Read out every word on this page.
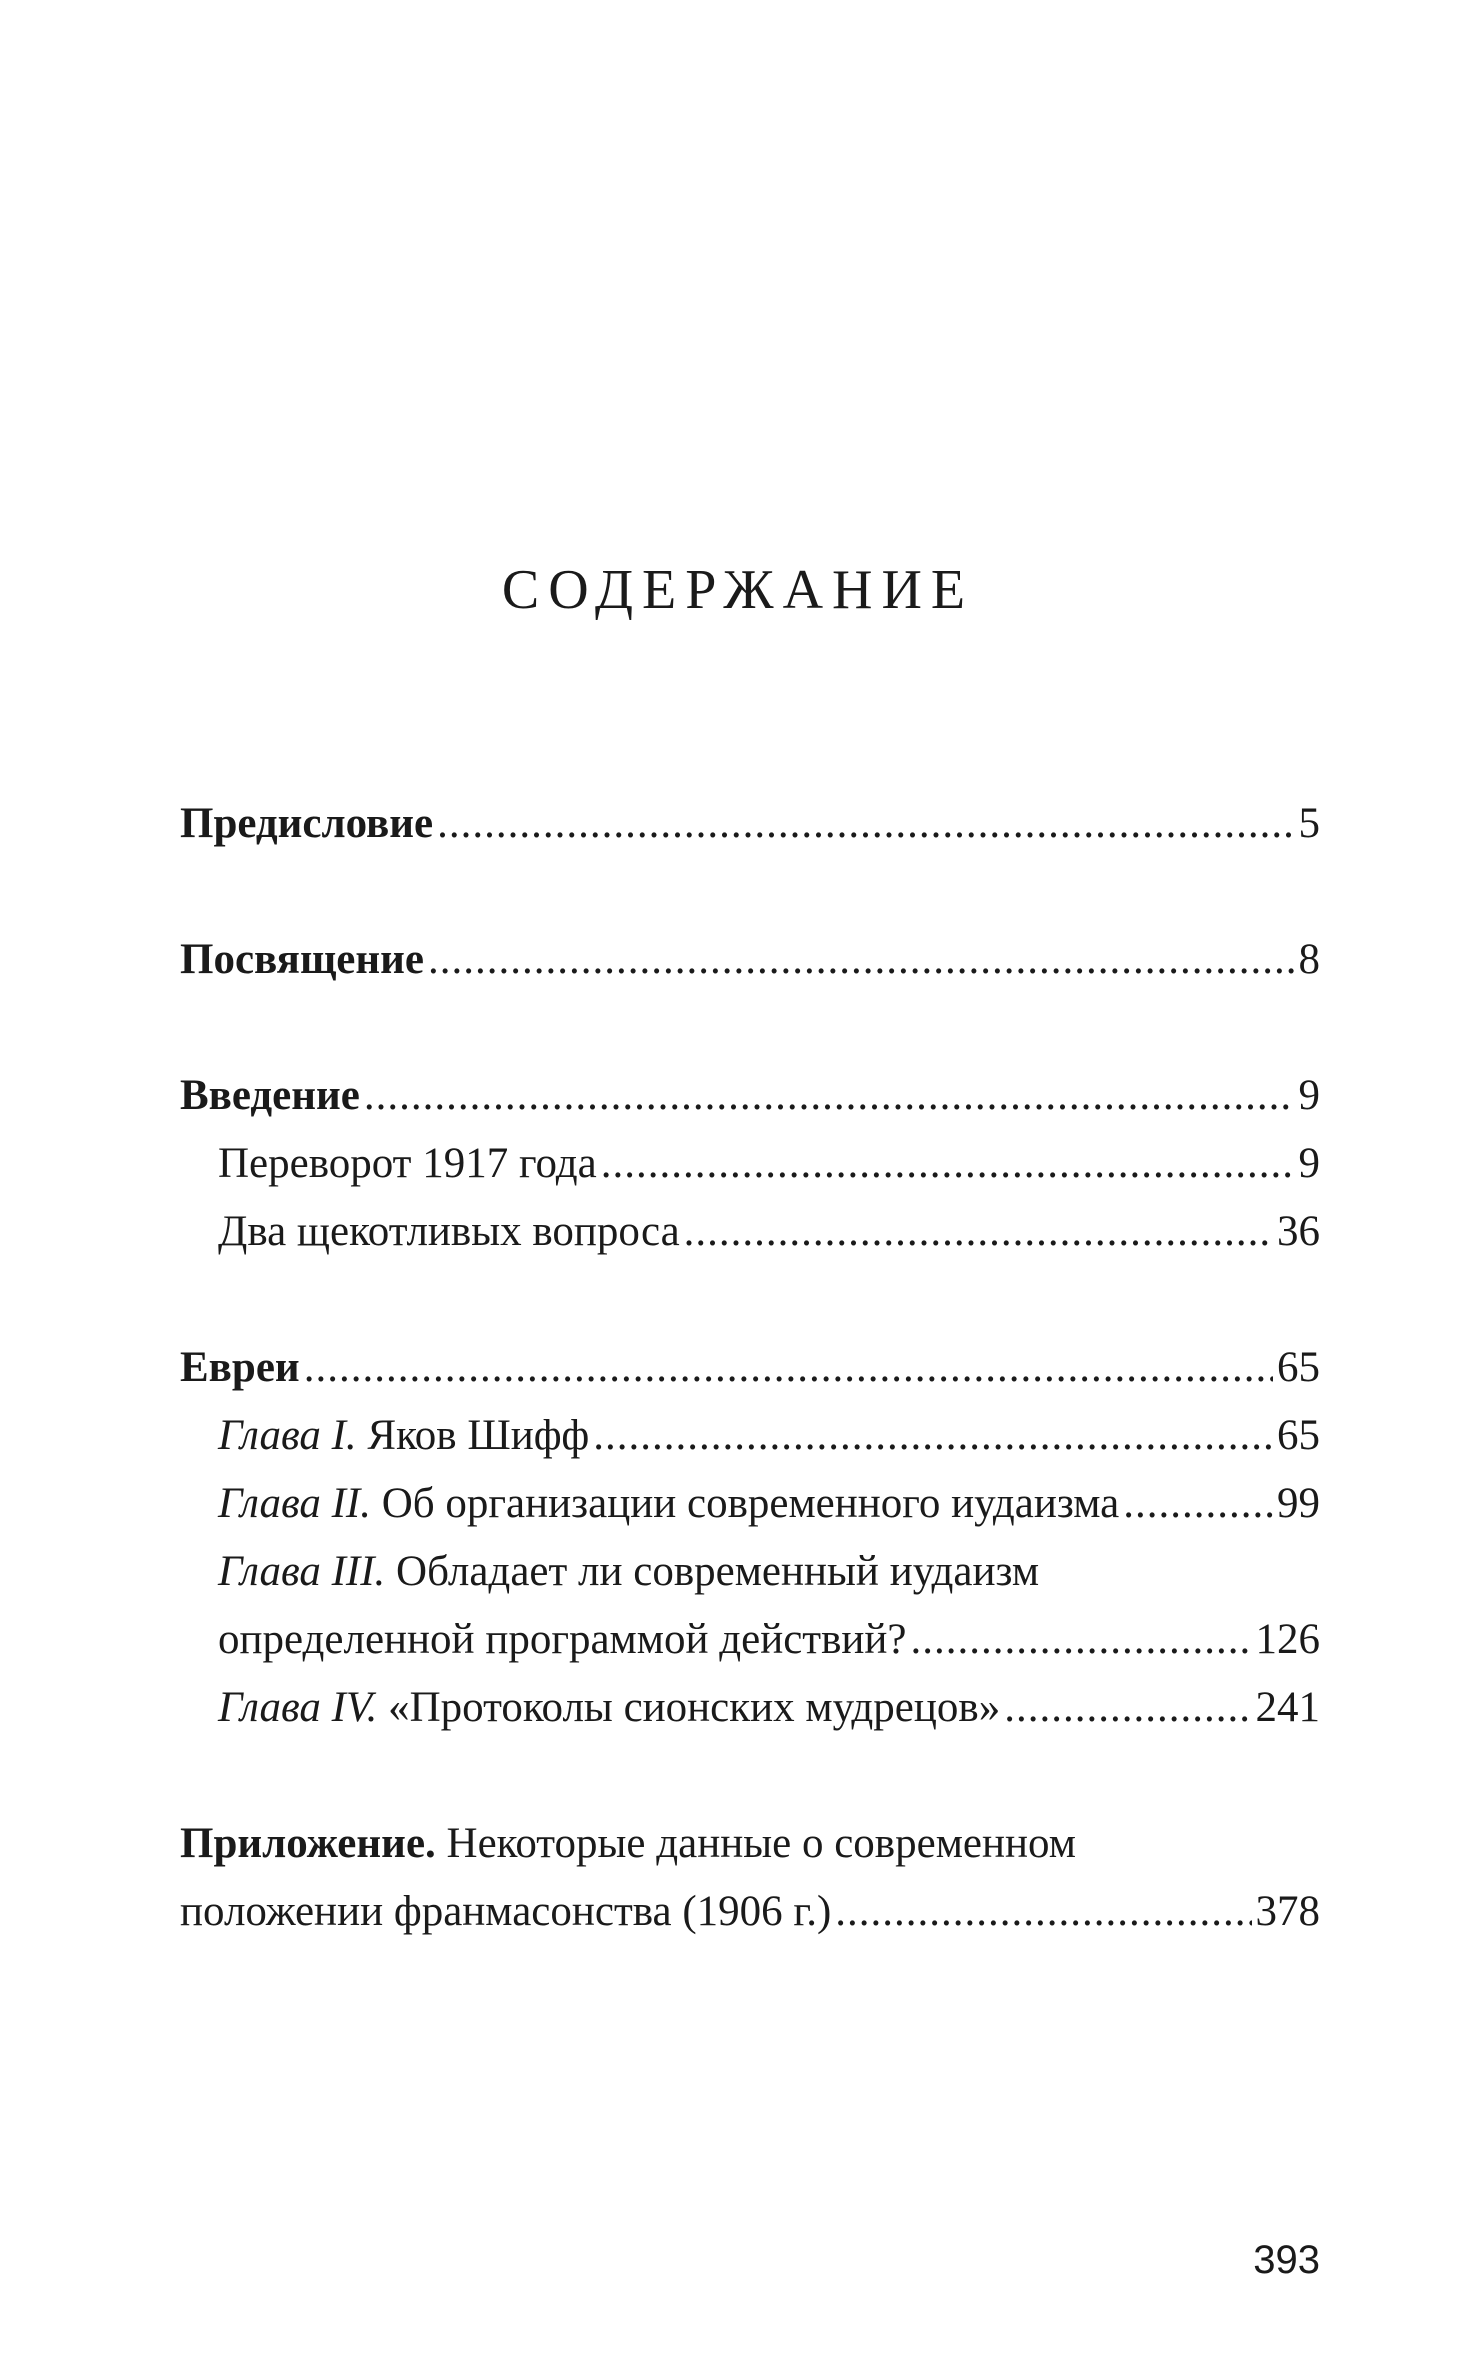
СОДЕРЖАНИЕ
Предисловие .....	5
Посвящение .....	8
Введение .....	9
Переворот 1917 года .....	9
Два щекотливых вопроса .....	36
Евреи .....	65
Глава I. Яков Шифф .....	65
Глава II. Об организации современного иудаизма .....	99
Глава III. Обладает ли современный иудаизм
определенной программой действий? .....	126
Глава IV. «Протоколы сионских мудрецов» .....	241
Приложение. Некоторые данные о современном
положении франмасонства (1906 г.) .....	378
393
